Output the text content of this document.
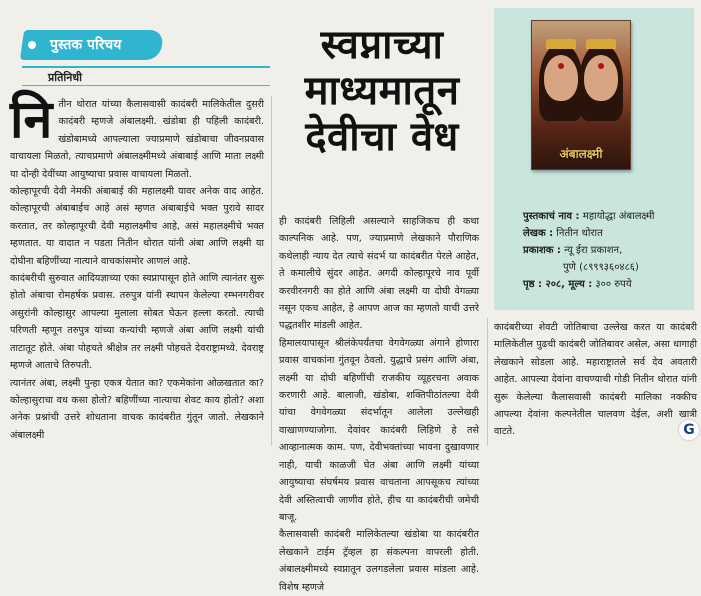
पुस्तक परिचय
प्रतिनिधी
स्वप्नाच्या माध्यमातून देवीचा वेध	अंबालक्ष्मी
पुस्तकाचं नाव : महायोद्धा अंबालक्ष्मी
लेखक : नितीन थोरात
प्रकाशक : न्यू ईरा प्रकाशन,
पुणे (८९९९३६०४८६)
पृष्ठ : २०८, मूल्य : ३०० रुपये

नितीन थोरात यांच्या कैलासवासी कादंबरी मालिकेतील दुसरी कादंबरी म्हणजे अंबालक्ष्मी. खंडोबा ही पहिली कादंबरी. खंडोबामध्ये आपल्याला ज्याप्रमाणे खंडोबाचा जीवनप्रवास वाचायला मिळतो, त्याचप्रमाणे अंबालक्ष्मीमध्ये अंबाबाई आणि माता लक्ष्मी या दोन्ही देवींच्या आयुष्याचा प्रवास वाचायला मिळतो.

कोल्हापूरची देवी नेमकी अंबाबाई की महालक्ष्मी यावर अनेक वाद आहेत. कोल्हापूरची अंबाबाईच आहे असं म्हणत अंबाबाईचे भक्त पुरावे सादर करतात, तर कोल्हापूरची देवी महालक्ष्मीच आहे, असं महालक्ष्मीचे भक्त म्हणतात. या वादात न पडता नितीन थोरात यांनी अंबा आणि लक्ष्मी या दोघीना बहिणींच्या नात्याने वाचकांसमोर आणलं आहे.

कादंबरीची सुरुवात आदियज्ञाच्या एका स्वप्नापासून होते आणि त्यानंतर सुरू होतो अंबाचा रोमहर्षक प्रवास. तरुपुत्र यांनी स्थापन केलेल्या रम्भनगरीवर असुरांनी कोल्हासुर आपल्या मुलाला सोबत घेऊन हल्ला करतो. त्याची परिणती म्हणून तरुपुत्र यांच्या कन्यांची म्हणजे अंबा आणि लक्ष्मी यांची ताटातूट होते. अंबा पोहचते श्रीक्षेत्र तर लक्ष्मी पोहचते देवराष्ट्रामध्ये. देवराष्ट्र म्हणजे आताचे तिरुपती.

त्यानंतर अंबा, लक्ष्मी पुन्हा एकत्र येतात का? एकमेकांना ओळखतात का? कोल्हासुराचा वध कसा होतो? बहिणींच्या नात्याचा शेवट काय होतो? अशा अनेक प्रश्नांची उत्तरे शोधताना वाचक कादंबरीत गुंतून जातो. लेखकाने अंबालक्ष्मी

ही कादंबरी लिहिली असल्याने साहजिकच ही कथा काल्पनिक आहे. पण, ज्याप्रमाणे लेखकाने पौराणिक कथेलाही न्याय देत त्याचे संदर्भ या कादंबरीत पेरले आहेत, ते कमालीचे सुंदर आहेत. अगदी कोल्हापूरचे नाव पूर्वी करवीरनगरी का होते आणि अंबा लक्ष्मी या दोघी वेगळ्या नसून एकच आहेत, हे आपण आज का म्हणतो याची उत्तरे पद्धतशीर मांडली आहेत.

हिमालयापासून श्रीलंकेपर्यंतचा वेगवेगळ्या अंगाने होणारा प्रवास वाचकांना गुंतवून ठेवतो. युद्धाचे प्रसंग आणि अंबा, लक्ष्मी या दोघी बहिणींची राजकीय व्यूहरचना अवाक करणारी आहे. बालाजी, खंडोबा, शक्तिपीठांतल्या देवी यांचा वेगवेगळ्या संदर्भातून आलेला उल्लेखही वाखाणण्याजोगा. देवांवर कादंबरी लिहिणे हे तसे आव्हानात्मक काम. पण, देवीभक्तांच्या भावना दुखावणार नाही, याची काळजी घेत अंबा आणि लक्ष्मी यांच्या आयुष्याचा संघर्षमय प्रवास वाचताना आपसूकच त्यांच्या देवी अस्तित्वाची जाणीव होते, हीच या कादंबरीची जमेची बाजू.

कैलासवासी कादंबरी मालिकेतल्या खंडोबा या कादंबरीत लेखकाने टाईम ट्रॅव्हल हा संकल्पना वापरली होती. अंबालक्ष्मीमध्ये स्वप्नातून उलगडलेला प्रवास मांडला आहे. विशेष म्हणजे

कादंबरीच्या शेवटी जोतिबाचा उल्लेख करत या कादंबरी मालिकेतील पुढची कादंबरी जोतिबावर असेल, असा धागाही लेखकाने सोडला आहे. महाराष्ट्रातले सर्व देव अवतारी आहेत. आपल्या देवांना वाचण्याची गोडी नितीन थोरात यांनी सुरू केलेल्या कैलासवासी कादंबरी मालिका नक्कीच आपल्या देवांना कल्पनेतील चालवण देईल, अशी खात्री वाटते.	G
